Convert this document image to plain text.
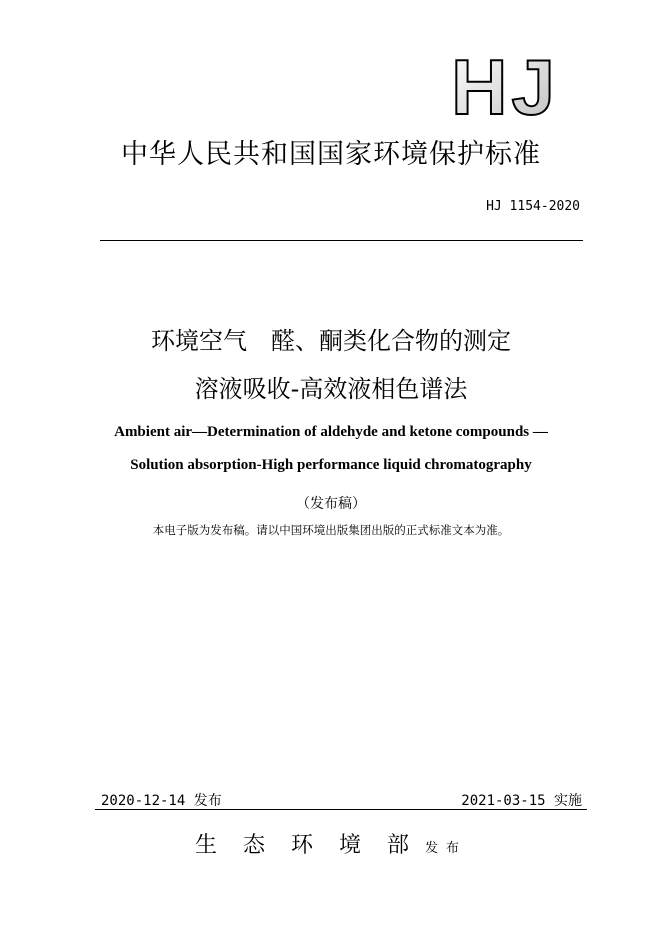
HJ
中华人民共和国国家环境保护标准
HJ 1154-2020
环境空气　醛、酮类化合物的测定
溶液吸收-高效液相色谱法
Ambient air—Determination of aldehyde and ketone compounds —
Solution absorption-High performance liquid chromatography
（发布稿）
本电子版为发布稿。请以中国环境出版集团出版的正式标准文本为准。
2020-12-14 发布	2021-03-15 实施
生态环境部发布
